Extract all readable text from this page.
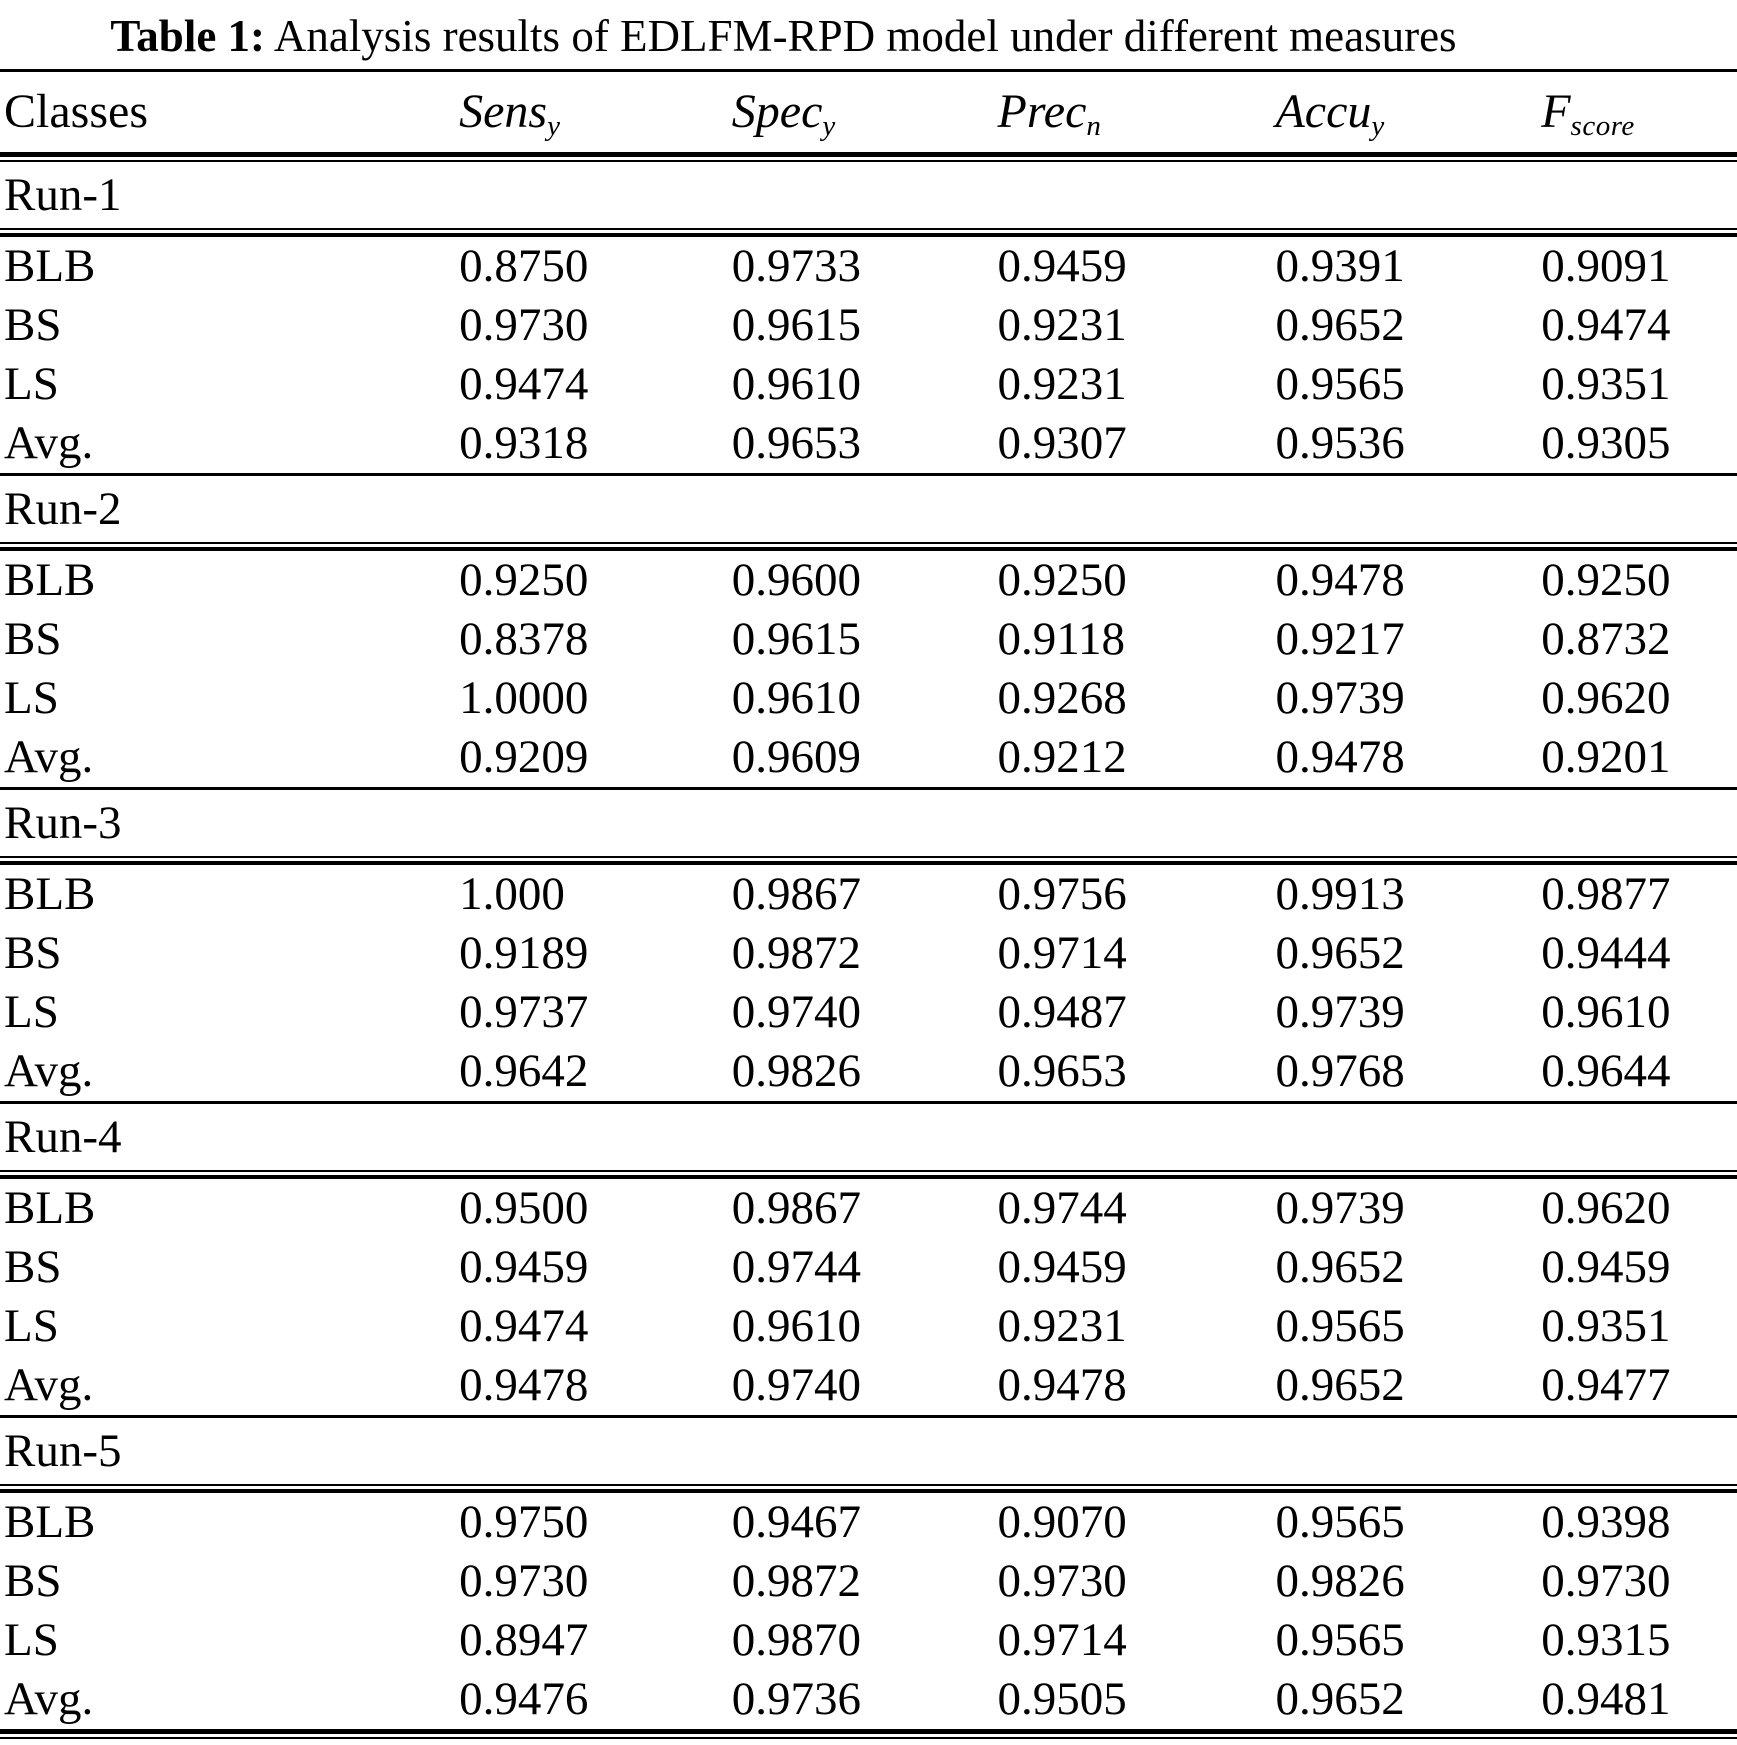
Table 1: Analysis results of EDLFM-RPD model under different measures
Classes	Sensy	Specy	Precn	Accuy	Fscore
Run-1
BLB	0.8750	0.9733	0.9459	0.9391	0.9091
BS	0.9730	0.9615	0.9231	0.9652	0.9474
LS	0.9474	0.9610	0.9231	0.9565	0.9351
Avg.	0.9318	0.9653	0.9307	0.9536	0.9305
Run-2
BLB	0.9250	0.9600	0.9250	0.9478	0.9250
BS	0.8378	0.9615	0.9118	0.9217	0.8732
LS	1.0000	0.9610	0.9268	0.9739	0.9620
Avg.	0.9209	0.9609	0.9212	0.9478	0.9201
Run-3
BLB	1.000	0.9867	0.9756	0.9913	0.9877
BS	0.9189	0.9872	0.9714	0.9652	0.9444
LS	0.9737	0.9740	0.9487	0.9739	0.9610
Avg.	0.9642	0.9826	0.9653	0.9768	0.9644
Run-4
BLB	0.9500	0.9867	0.9744	0.9739	0.9620
BS	0.9459	0.9744	0.9459	0.9652	0.9459
LS	0.9474	0.9610	0.9231	0.9565	0.9351
Avg.	0.9478	0.9740	0.9478	0.9652	0.9477
Run-5
BLB	0.9750	0.9467	0.9070	0.9565	0.9398
BS	0.9730	0.9872	0.9730	0.9826	0.9730
LS	0.8947	0.9870	0.9714	0.9565	0.9315
Avg.	0.9476	0.9736	0.9505	0.9652	0.9481
